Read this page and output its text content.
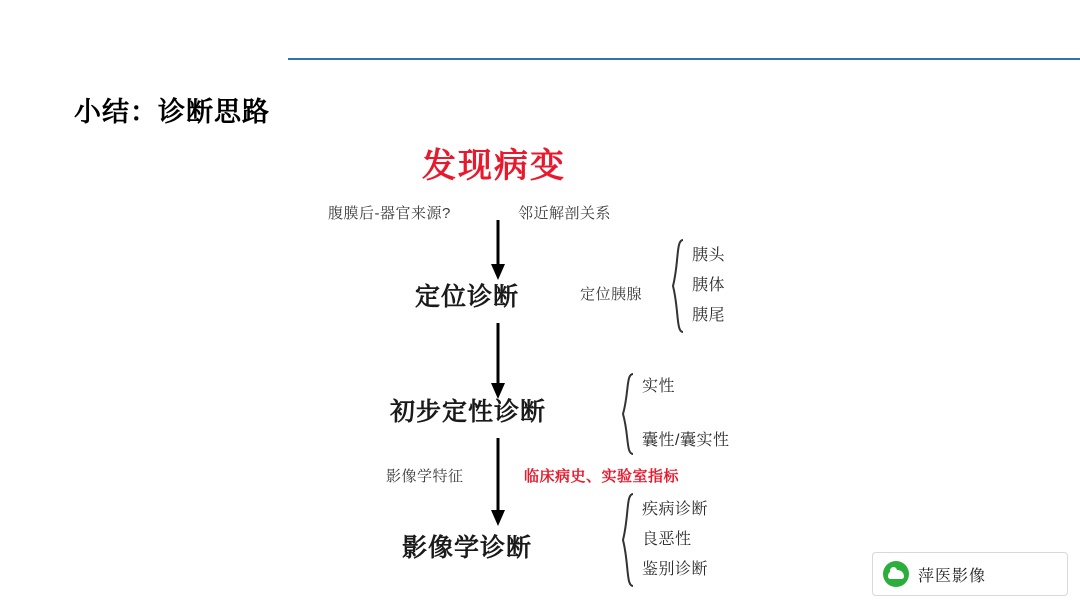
小结：诊断思路
发现病变
腹膜后-器官来源?	邻近解剖关系
定位诊断	定位胰腺
胰头
胰体
胰尾
初步定性诊断
实性
囊性/囊实性
影像学特征	临床病史、实验室指标
影像学诊断
疾病诊断
良恶性
鉴别诊断	萍医影像
